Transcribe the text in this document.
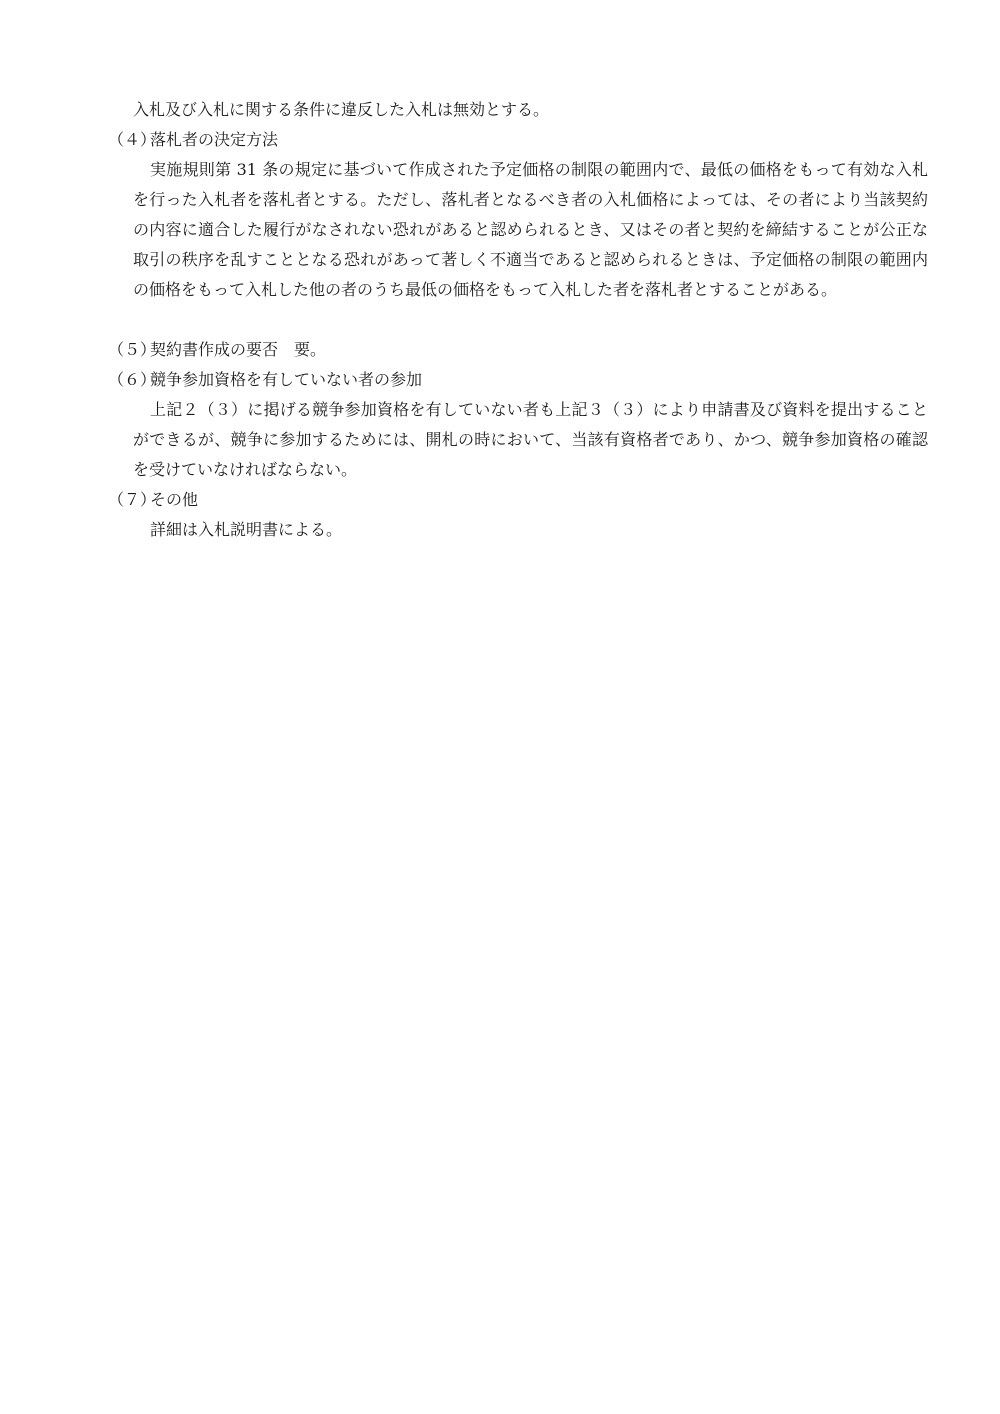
入札及び入札に関する条件に違反した入札は無効とする。
（４）
落札者の決定方法
実施規則第 31 条の規定に基づいて作成された予定価格の制限の範囲内で、最低の価格をもって有効な入札を行った入札者を落札者とする。ただし、落札者となるべき者の入札価格によっては、その者により当該契約の内容に適合した履行がなされない恐れがあると認められるとき、又はその者と契約を締結することが公正な取引の秩序を乱すこととなる恐れがあって著しく不適当であると認められるときは、予定価格の制限の範囲内の価格をもって入札した他の者のうち最低の価格をもって入札した者を落札者とすることがある。
（５）
契約書作成の要否　要。
（６）
競争参加資格を有していない者の参加
上記２（３）に掲げる競争参加資格を有していない者も上記３（３）により申請書及び資料を提出することができるが、競争に参加するためには、開札の時において、当該有資格者であり、かつ、競争参加資格の確認を受けていなければならない。
（７）
その他
詳細は入札説明書による。
